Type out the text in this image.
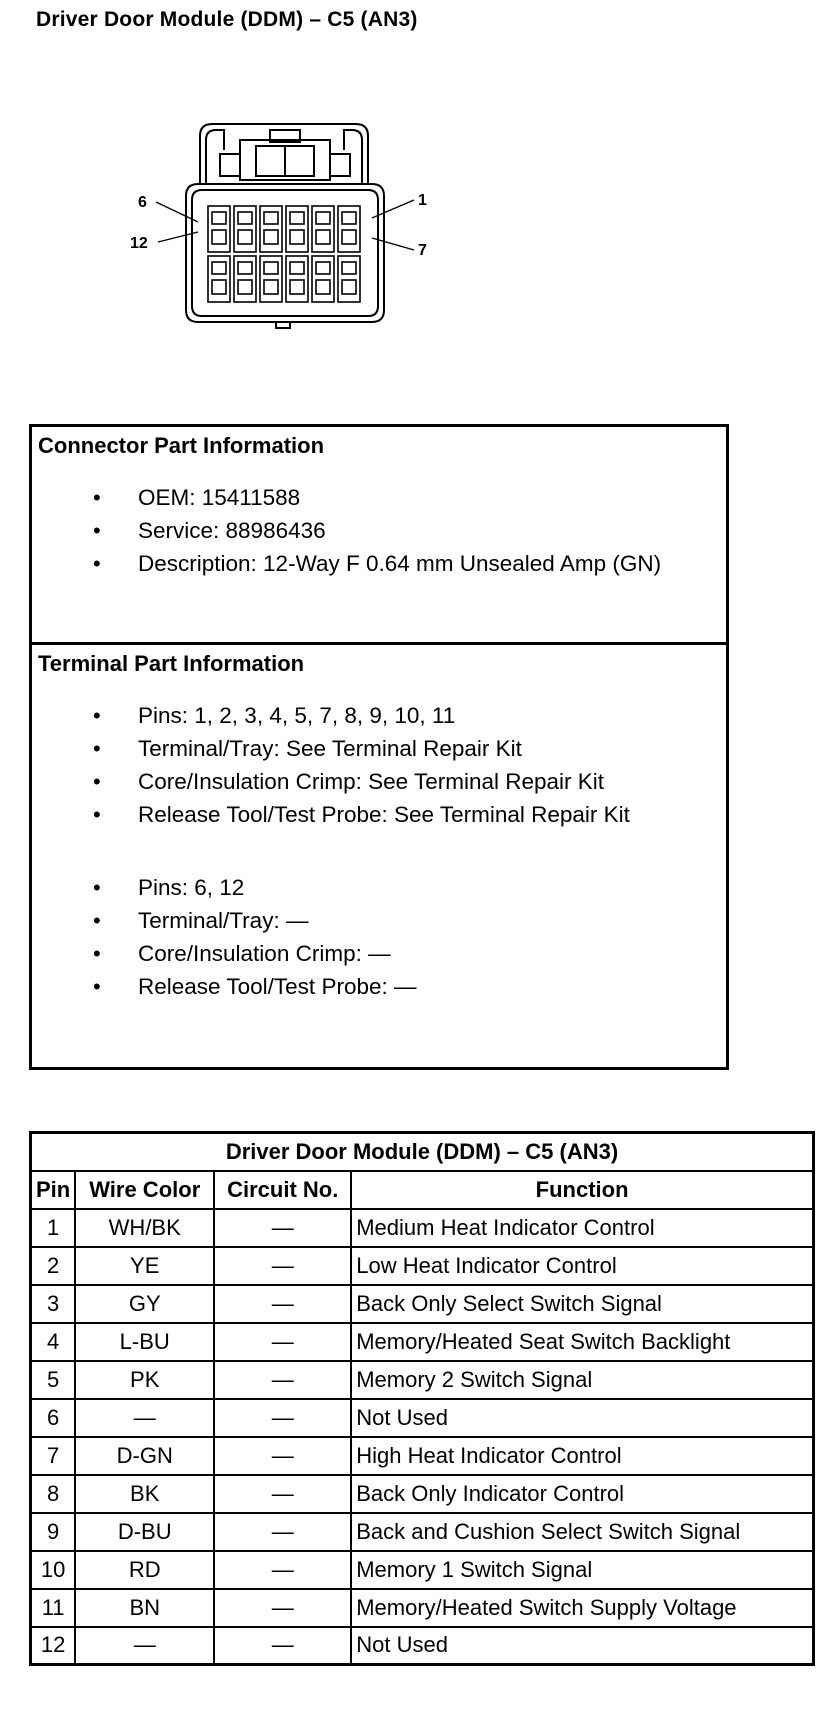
Driver Door Module (DDM) – C5 (AN3)
6	1
12	7
Connector Part Information
• OEM: 15411588
• Service: 88986436
• Description: 12-Way F 0.64 mm Unsealed Amp (GN)
Terminal Part Information
• Pins: 1, 2, 3, 4, 5, 7, 8, 9, 10, 11
• Terminal/Tray: See Terminal Repair Kit
• Core/Insulation Crimp: See Terminal Repair Kit
• Release Tool/Test Probe: See Terminal Repair Kit
• Pins: 6, 12
• Terminal/Tray: —
• Core/Insulation Crimp: —
• Release Tool/Test Probe: —
Driver Door Module (DDM) – C5 (AN3)			
Pin	Wire Color	Circuit No.	Function
1	WH/BK	—	Medium Heat Indicator Control
2	YE	—	Low Heat Indicator Control
3	GY	—	Back Only Select Switch Signal
4	L-BU	—	Memory/Heated Seat Switch Backlight
5	PK	—	Memory 2 Switch Signal
6	—	—	Not Used
7	D-GN	—	High Heat Indicator Control
8	BK	—	Back Only Indicator Control
9	D-BU	—	Back and Cushion Select Switch Signal
10	RD	—	Memory 1 Switch Signal
11	BN	—	Memory/Heated Switch Supply Voltage
12	—	—	Not Used
